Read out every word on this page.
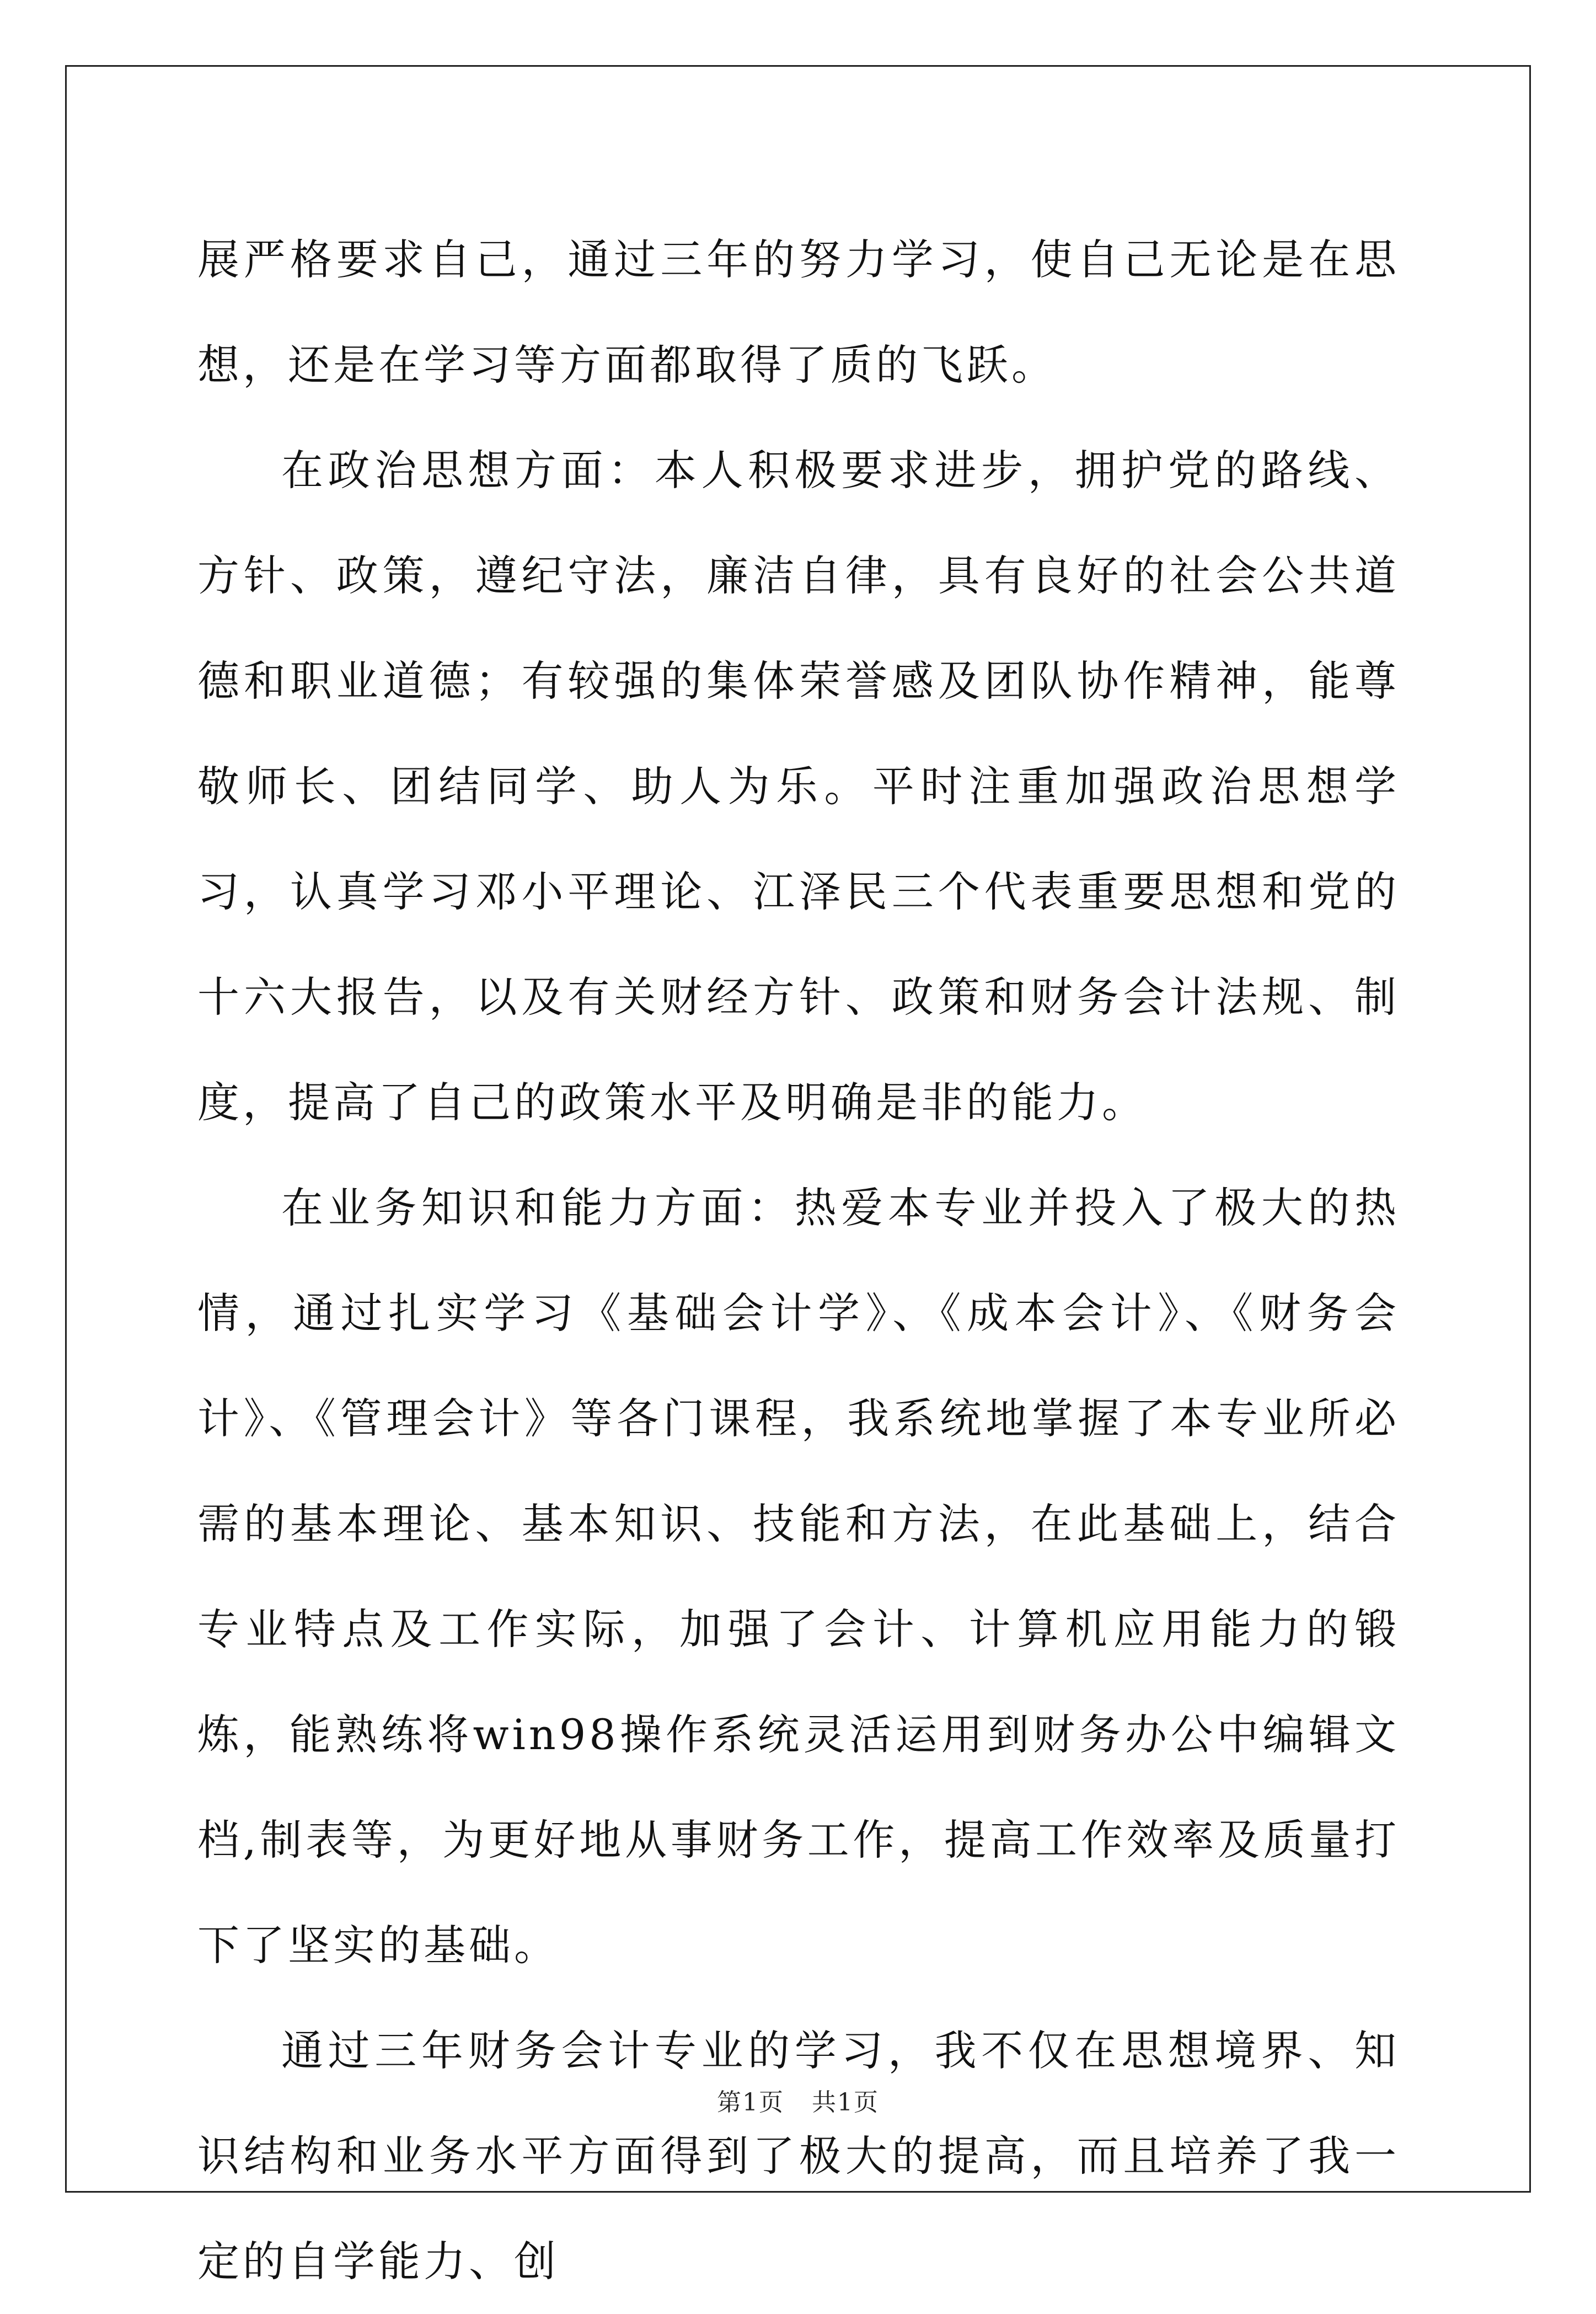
展严格要求自己，通过三年的努力学习，使自己无论是在思想，还是在学习等方面都取得了质的飞跃。

在政治思想方面：本人积极要求进步，拥护党的路线、方针、政策，遵纪守法，廉洁自律，具有良好的社会公共道德和职业道德；有较强的集体荣誉感及团队协作精神，能尊敬师长、团结同学、助人为乐。平时注重加强政治思想学习，认真学习邓小平理论、江泽民三个代表重要思想和党的十六大报告，以及有关财经方针、政策和财务会计法规、制度，提高了自己的政策水平及明确是非的能力。

在业务知识和能力方面：热爱本专业并投入了极大的热情，通过扎实学习《基础会计学》、《成本会计》、《财务会计》、《管理会计》等各门课程，我系统地掌握了本专业所必需的基本理论、基本知识、技能和方法，在此基础上，结合专业特点及工作实际，加强了会计、计算机应用能力的锻炼，能熟练将win98操作系统灵活运用到财务办公中编辑文档,制表等，为更好地从事财务工作，提高工作效率及质量打下了坚实的基础。

通过三年财务会计专业的学习，我不仅在思想境界、知识结构和业务水平方面得到了极大的提高，而且培养了我一定的自学能力、创

第1页 共1页
